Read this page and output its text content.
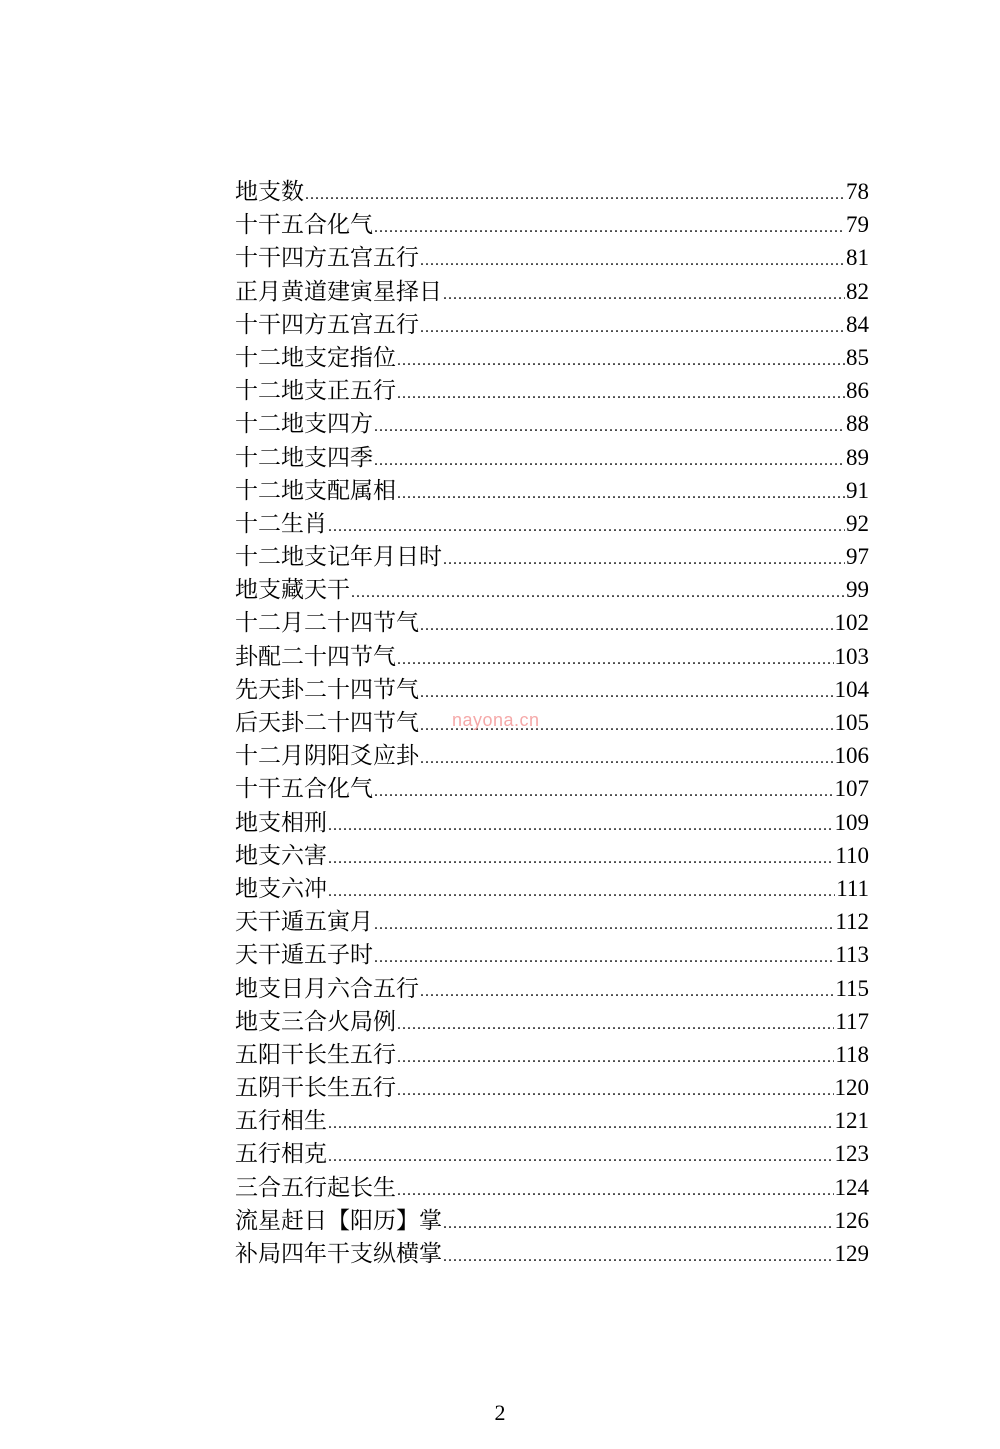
地支数 .....	78
十干五合化气 .....	79
十干四方五宫五行 .....	81
正月黄道建寅星择日 .....	82
十干四方五宫五行 .....	84
十二地支定指位 .....	85
十二地支正五行 .....	86
十二地支四方 .....	88
十二地支四季 .....	89
十二地支配属相 .....	91
十二生肖 .....	92
十二地支记年月日时 .....	97
地支藏天干 .....	99
十二月二十四节气 .....	102
卦配二十四节气 .....	103
先天卦二十四节气 .....	104
后天卦二十四节气 .....	105
十二月阴阳爻应卦 .....	106
十干五合化气 .....	107
地支相刑 .....	109
地支六害 .....	110
地支六冲 .....	111
天干遁五寅月 .....	112
天干遁五子时 .....	113
地支日月六合五行 .....	115
地支三合火局例 .....	117
五阳干长生五行 .....	118
五阴干长生五行 .....	120
五行相生 .....	121
五行相克 .....	123
三合五行起长生 .....	124
流星赶日【阳历】掌 .....	126
补局四年干支纵横掌 .....	129
nayona.cn
2
